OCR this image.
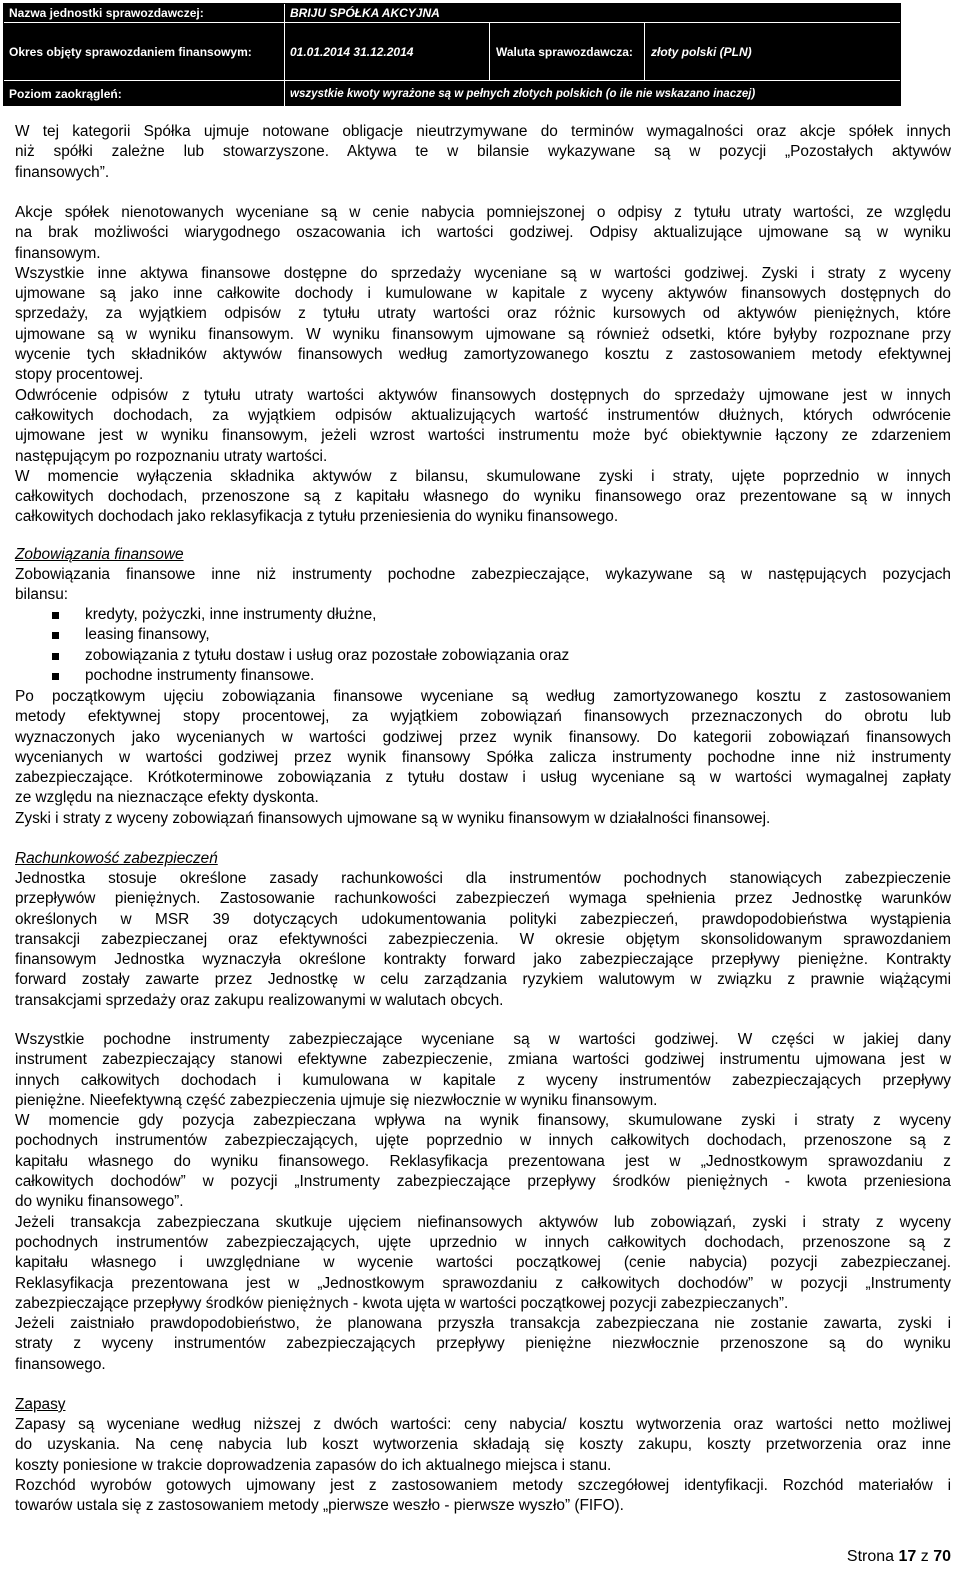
Nazwa jednostki sprawozdawczej:	BRIJU SPÓŁKA AKCYJNA
Okres objęty sprawozdaniem finansowym:	01.01.2014 31.12.2014	Waluta sprawozdawcza: złoty polski (PLN)
Poziom zaokrągleń:	wszystkie kwoty wyrażone są w pełnych złotych polskich (o ile nie wskazano inaczej)
W tej kategorii Spółka ujmuje notowane obligacje nieutrzymywane do terminów wymagalności oraz akcje spółek innych
niż spółki zależne lub stowarzyszone. Aktywa te w bilansie wykazywane są w pozycji „Pozostałych aktywów
finansowych”.
Akcje spółek nienotowanych wyceniane są w cenie nabycia pomniejszonej o odpisy z tytułu utraty wartości, ze względu
na brak możliwości wiarygodnego oszacowania ich wartości godziwej. Odpisy aktualizujące ujmowane są w wyniku
finansowym.
Wszystkie inne aktywa finansowe dostępne do sprzedaży wyceniane są w wartości godziwej. Zyski i straty z wyceny
ujmowane są jako inne całkowite dochody i kumulowane w kapitale z wyceny aktywów finansowych dostępnych do
sprzedaży, za wyjątkiem odpisów z tytułu utraty wartości oraz różnic kursowych od aktywów pieniężnych, które
ujmowane są w wyniku finansowym. W wyniku finansowym ujmowane są również odsetki, które byłyby rozpoznane przy
wycenie tych składników aktywów finansowych według zamortyzowanego kosztu z zastosowaniem metody efektywnej
stopy procentowej.
Odwrócenie odpisów z tytułu utraty wartości aktywów finansowych dostępnych do sprzedaży ujmowane jest w innych
całkowitych dochodach, za wyjątkiem odpisów aktualizujących wartość instrumentów dłużnych, których odwrócenie
ujmowane jest w wyniku finansowym, jeżeli wzrost wartości instrumentu może być obiektywnie łączony ze zdarzeniem
następującym po rozpoznaniu utraty wartości.
W momencie wyłączenia składnika aktywów z bilansu, skumulowane zyski i straty, ujęte poprzednio w innych
całkowitych dochodach, przenoszone są z kapitału własnego do wyniku finansowego oraz prezentowane są w innych
całkowitych dochodach jako reklasyfikacja z tytułu przeniesienia do wyniku finansowego.
Zobowiązania finansowe
Zobowiązania finansowe inne niż instrumenty pochodne zabezpieczające, wykazywane są w następujących pozycjach
bilansu:
kredyty, pożyczki, inne instrumenty dłużne,
leasing finansowy,
zobowiązania z tytułu dostaw i usług oraz pozostałe zobowiązania oraz
pochodne instrumenty finansowe.
Po początkowym ujęciu zobowiązania finansowe wyceniane są według zamortyzowanego kosztu z zastosowaniem
metody efektywnej stopy procentowej, za wyjątkiem zobowiązań finansowych przeznaczonych do obrotu lub
wyznaczonych jako wycenianych w wartości godziwej przez wynik finansowy. Do kategorii zobowiązań finansowych
wycenianych w wartości godziwej przez wynik finansowy Spółka zalicza instrumenty pochodne inne niż instrumenty
zabezpieczające. Krótkoterminowe zobowiązania z tytułu dostaw i usług wyceniane są w wartości wymagalnej zapłaty
ze względu na nieznaczące efekty dyskonta.
Zyski i straty z wyceny zobowiązań finansowych ujmowane są w wyniku finansowym w działalności finansowej.
Rachunkowość zabezpieczeń
Jednostka stosuje określone zasady rachunkowości dla instrumentów pochodnych stanowiących zabezpieczenie
przepływów pieniężnych. Zastosowanie rachunkowości zabezpieczeń wymaga spełnienia przez Jednostkę warunków
określonych w MSR 39 dotyczących udokumentowania polityki zabezpieczeń, prawdopodobieństwa wystąpienia
transakcji zabezpieczanej oraz efektywności zabezpieczenia. W okresie objętym skonsolidowanym sprawozdaniem
finansowym Jednostka wyznaczyła określone kontrakty forward jako zabezpieczające przepływy pieniężne. Kontrakty
forward zostały zawarte przez Jednostkę w celu zarządzania ryzykiem walutowym w związku z prawnie wiążącymi
transakcjami sprzedaży oraz zakupu realizowanymi w walutach obcych.
Wszystkie pochodne instrumenty zabezpieczające wyceniane są w wartości godziwej. W części w jakiej dany
instrument zabezpieczający stanowi efektywne zabezpieczenie, zmiana wartości godziwej instrumentu ujmowana jest w
innych całkowitych dochodach i kumulowana w kapitale z wyceny instrumentów zabezpieczających przepływy
pieniężne. Nieefektywną część zabezpieczenia ujmuje się niezwłocznie w wyniku finansowym.
W momencie gdy pozycja zabezpieczana wpływa na wynik finansowy, skumulowane zyski i straty z wyceny
pochodnych instrumentów zabezpieczających, ujęte poprzednio w innych całkowitych dochodach, przenoszone są z
kapitału własnego do wyniku finansowego. Reklasyfikacja prezentowana jest w „Jednostkowym sprawozdaniu z
całkowitych dochodów” w pozycji „Instrumenty zabezpieczające przepływy środków pieniężnych - kwota przeniesiona
do wyniku finansowego”.
Jeżeli transakcja zabezpieczana skutkuje ujęciem niefinansowych aktywów lub zobowiązań, zyski i straty z wyceny
pochodnych instrumentów zabezpieczających, ujęte uprzednio w innych całkowitych dochodach, przenoszone są z
kapitału własnego i uwzględniane w wycenie wartości początkowej (cenie nabycia) pozycji zabezpieczanej.
Reklasyfikacja prezentowana jest w „Jednostkowym sprawozdaniu z całkowitych dochodów” w pozycji „Instrumenty
zabezpieczające przepływy środków pieniężnych - kwota ujęta w wartości początkowej pozycji zabezpieczanych”.
Jeżeli zaistniało prawdopodobieństwo, że planowana przyszła transakcja zabezpieczana nie zostanie zawarta, zyski i
straty z wyceny instrumentów zabezpieczających przepływy pieniężne niezwłocznie przenoszone są do wyniku
finansowego.
Zapasy
Zapasy są wyceniane według niższej z dwóch wartości: ceny nabycia/ kosztu wytworzenia oraz wartości netto możliwej
do uzyskania. Na cenę nabycia lub koszt wytworzenia składają się koszty zakupu, koszty przetworzenia oraz inne
koszty poniesione w trakcie doprowadzenia zapasów do ich aktualnego miejsca i stanu.
Rozchód wyrobów gotowych ujmowany jest z zastosowaniem metody szczegółowej identyfikacji. Rozchód materiałów i
towarów ustala się z zastosowaniem metody „pierwsze weszło - pierwsze wyszło” (FIFO).
Strona 17 z 70
